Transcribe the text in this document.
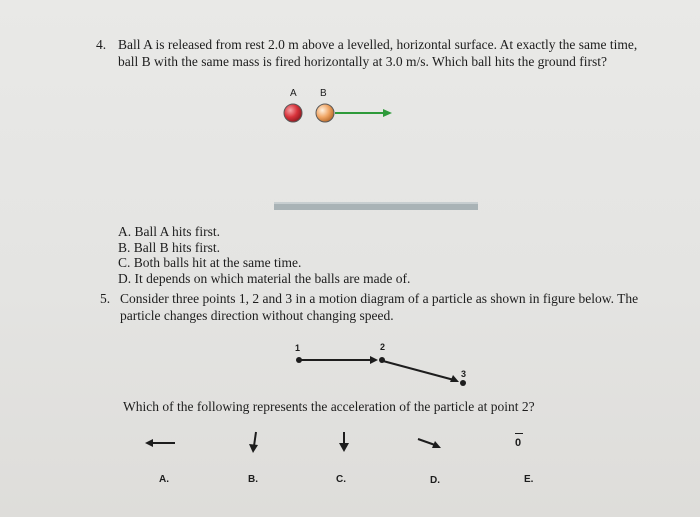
4. Ball A is released from rest 2.0 m above a levelled, horizontal surface. At exactly the same time, ball B with the same mass is fired horizontally at 3.0 m/s. Which ball hits the ground first?
A B
A. Ball A hits first.
B. Ball B hits first.
C. Both balls hit at the same time.
D. It depends on which material the balls are made of.
5. Consider three points 1, 2 and 3 in a motion diagram of a particle as shown in figure below. The particle changes direction without changing speed.
1	2
3
Which of the following represents the acceleration of the particle at point 2?
0
A.	B.	C.	D.	E.
